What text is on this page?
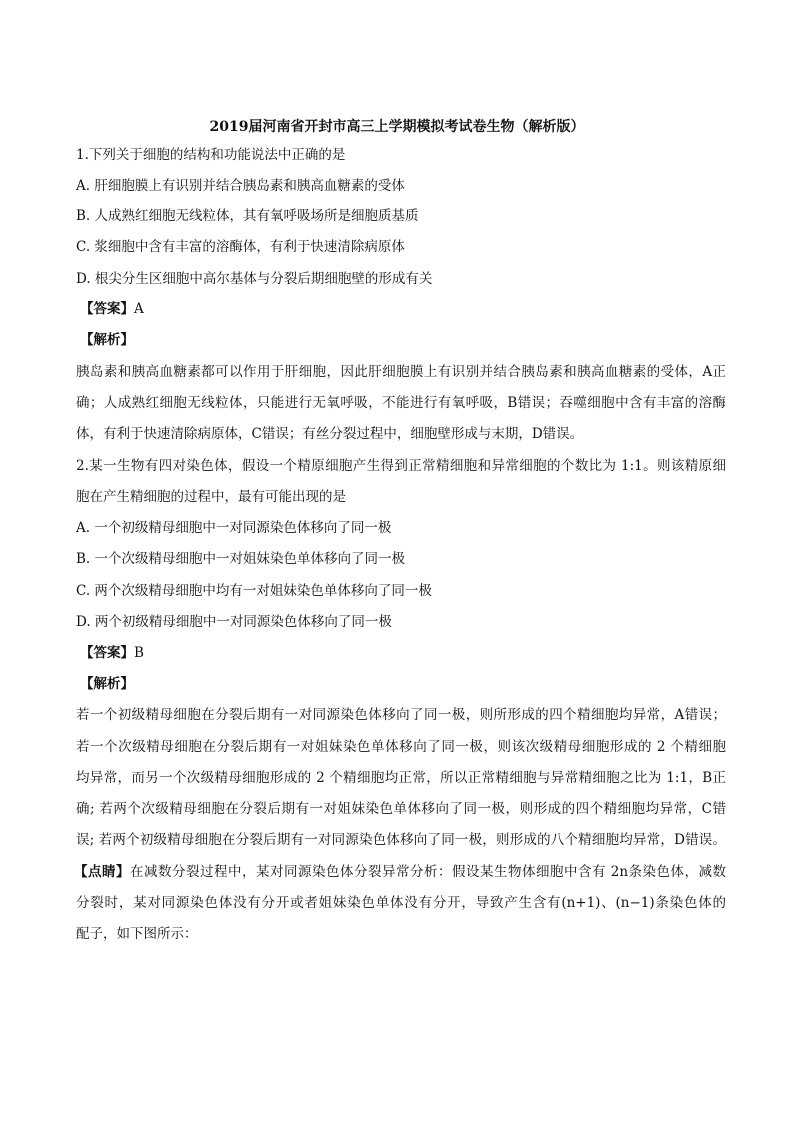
2019届河南省开封市高三上学期模拟考试卷生物（解析版）
1.下列关于细胞的结构和功能说法中正确的是
A. 肝细胞膜上有识别并结合胰岛素和胰高血糖素的受体
B. 人成熟红细胞无线粒体，其有氧呼吸场所是细胞质基质
C. 浆细胞中含有丰富的溶酶体，有利于快速清除病原体
D. 根尖分生区细胞中高尔基体与分裂后期细胞壁的形成有关
【答案】A
【解析】
胰岛素和胰高血糖素都可以作用于肝细胞，因此肝细胞膜上有识别并结合胰岛素和胰高血糖素的受体，A正
确；人成熟红细胞无线粒体，只能进行无氧呼吸，不能进行有氧呼吸，B错误；吞噬细胞中含有丰富的溶酶
体，有利于快速清除病原体，C错误；有丝分裂过程中，细胞壁形成与末期，D错误。
2.某一生物有四对染色体，假设一个精原细胞产生得到正常精细胞和异常细胞的个数比为 1:1。则该精原细
胞在产生精细胞的过程中，最有可能出现的是
A. 一个初级精母细胞中一对同源染色体移向了同一极
B. 一个次级精母细胞中一对姐妹染色单体移向了同一极
C. 两个次级精母细胞中均有一对姐妹染色单体移向了同一极
D. 两个初级精母细胞中一对同源染色体移向了同一极
【答案】B
【解析】
若一个初级精母细胞在分裂后期有一对同源染色体移向了同一极，则所形成的四个精细胞均异常，A错误；
若一个次级精母细胞在分裂后期有一对姐妹染色单体移向了同一极，则该次级精母细胞形成的 2 个精细胞
均异常，而另一个次级精母细胞形成的 2 个精细胞均正常，所以正常精细胞与异常精细胞之比为 1:1，B正
确; 若两个次级精母细胞在分裂后期有一对姐妹染色单体移向了同一极，则形成的四个精细胞均异常，C错
误; 若两个初级精母细胞在分裂后期有一对同源染色体移向了同一极，则形成的八个精细胞均异常，D错误。
【点睛】在减数分裂过程中，某对同源染色体分裂异常分析：假设某生物体细胞中含有 2n条染色体，减数
分裂时，某对同源染色体没有分开或者姐妹染色单体没有分开，导致产生含有(n+1)、(n−1)条染色体的
配子，如下图所示：
